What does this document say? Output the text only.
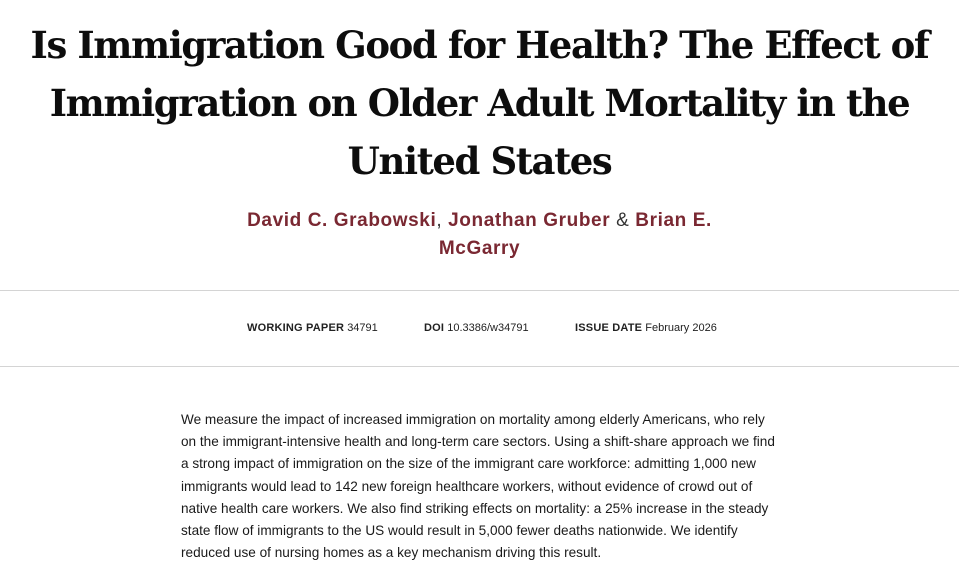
Is Immigration Good for Health? The Effect of
Immigration on Older Adult Mortality in the
United States
David C. Grabowski, Jonathan Gruber & Brian E.
McGarry
WORKING PAPER 34791	DOI 10.3386/w34791	ISSUE DATE February 2026

We measure the impact of increased immigration on mortality among elderly Americans, who rely
on the immigrant-intensive health and long-term care sectors. Using a shift-share approach we find
a strong impact of immigration on the size of the immigrant care workforce: admitting 1,000 new
immigrants would lead to 142 new foreign healthcare workers, without evidence of crowd out of
native health care workers. We also find striking effects on mortality: a 25% increase in the steady
state flow of immigrants to the US would result in 5,000 fewer deaths nationwide. We identify
reduced use of nursing homes as a key mechanism driving this result.
